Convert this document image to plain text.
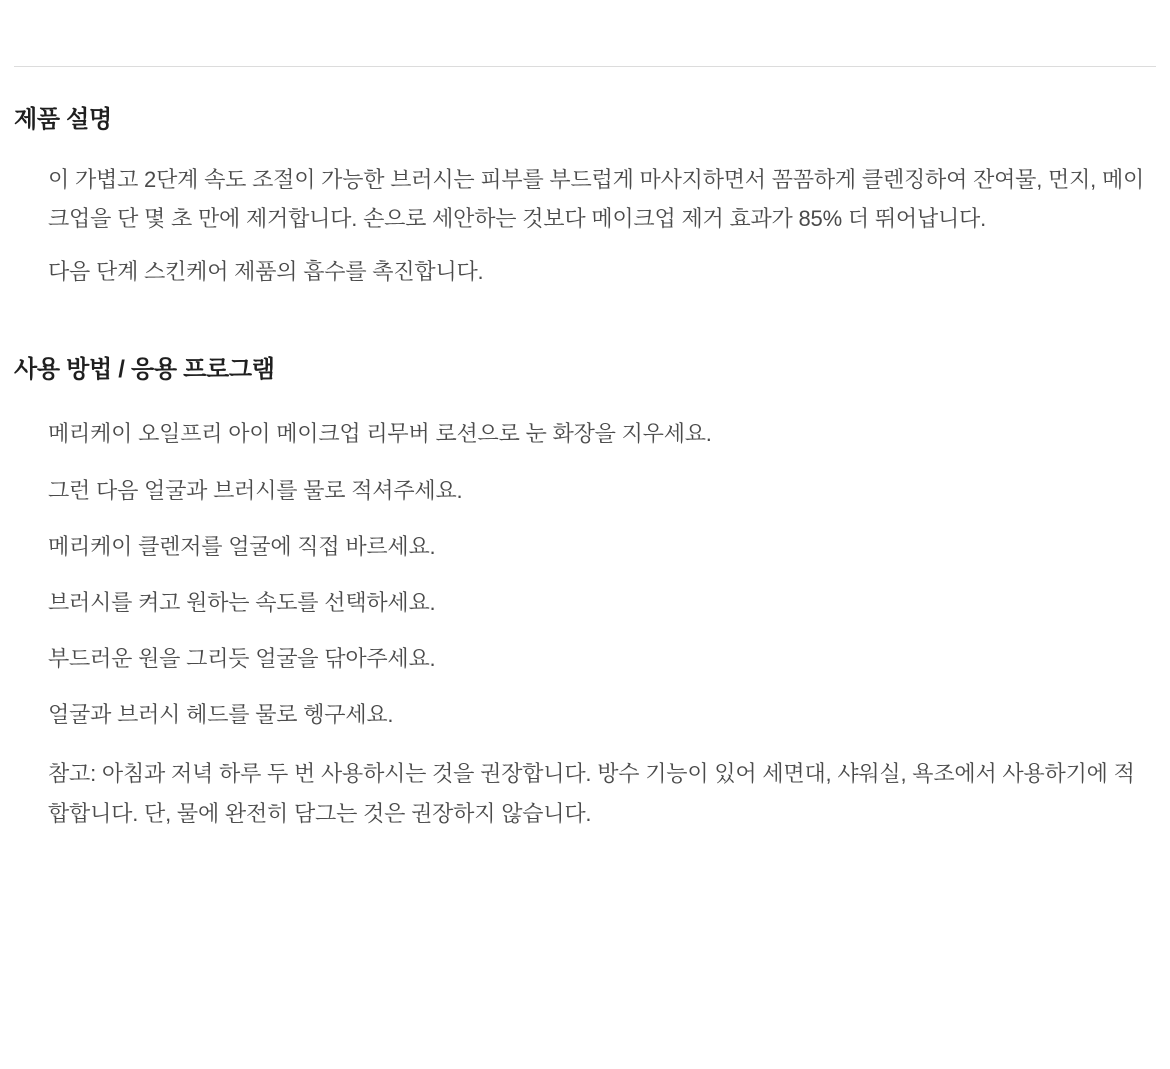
제품 설명

이 가볍고 2단계 속도 조절이 가능한 브러시는 피부를 부드럽게 마사지하면서 꼼꼼하게 클렌징하여 잔여물, 먼지, 메이크업을 단 몇 초 만에 제거합니다. 손으로 세안하는 것보다 메이크업 제거 효과가 85% 더 뛰어납니다.

다음 단계 스킨케어 제품의 흡수를 촉진합니다.

사용 방법 / 응용 프로그램
메리케이 오일프리 아이 메이크업 리무버 로션으로 눈 화장을 지우세요.
그런 다음 얼굴과 브러시를 물로 적셔주세요.
메리케이 클렌저를 얼굴에 직접 바르세요.
브러시를 켜고 원하는 속도를 선택하세요.
부드러운 원을 그리듯 얼굴을 닦아주세요.
얼굴과 브러시 헤드를 물로 헹구세요.
참고: 아침과 저녁 하루 두 번 사용하시는 것을 권장합니다. 방수 기능이 있어 세면대, 샤워실, 욕조에서 사용하기에 적합합니다. 단, 물에 완전히 담그는 것은 권장하지 않습니다.
